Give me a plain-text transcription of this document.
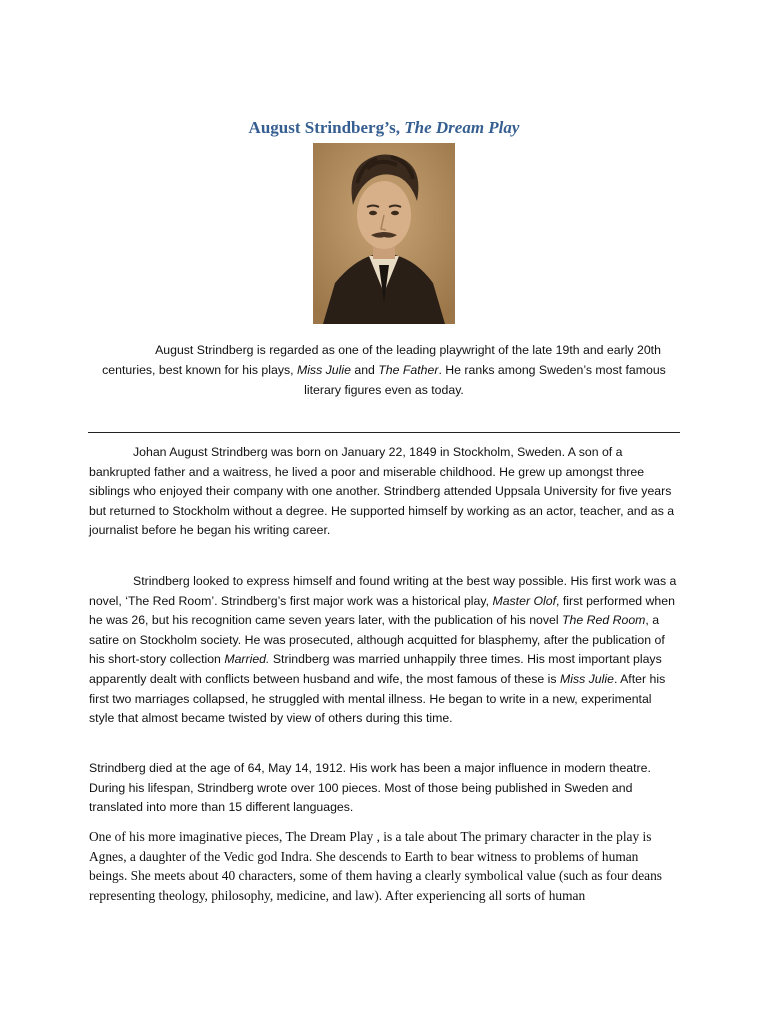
August Strindberg’s, The Dream Play
August Strindberg is regarded as one of the leading playwright of the late 19th and early 20th centuries, best known for his plays, Miss Julie and The Father. He ranks among Sweden’s most famous literary figures even as today.
Johan August Strindberg was born on January 22, 1849 in Stockholm, Sweden. A son of a bankrupted father and a waitress, he lived a poor and miserable childhood. He grew up amongst three siblings who enjoyed their company with one another. Strindberg attended Uppsala University for five years but returned to Stockholm without a degree. He supported himself by working as an actor, teacher, and as a journalist before he began his writing career.
Strindberg looked to express himself and found writing at the best way possible. His first work was a novel, ‘The Red Room’. Strindberg’s first major work was a historical play, Master Olof, first performed when he was 26, but his recognition came seven years later, with the publication of his novel The Red Room, a satire on Stockholm society. He was prosecuted, although acquitted for blasphemy, after the publication of his short-story collection Married. Strindberg was married unhappily three times. His most important plays apparently dealt with conflicts between husband and wife, the most famous of these is Miss Julie. After his first two marriages collapsed, he struggled with mental illness. He began to write in a new, experimental style that almost became twisted by view of others during this time.
Strindberg died at the age of 64, May 14, 1912. His work has been a major influence in modern theatre. During his lifespan, Strindberg wrote over 100 pieces. Most of those being published in Sweden and translated into more than 15 different languages.
One of his more imaginative pieces, The Dream Play , is a tale about The primary character in the play is Agnes, a daughter of the Vedic god Indra. She descends to Earth to bear witness to problems of human beings. She meets about 40 characters, some of them having a clearly symbolical value (such as four deans representing theology, philosophy, medicine, and law). After experiencing all sorts of human
